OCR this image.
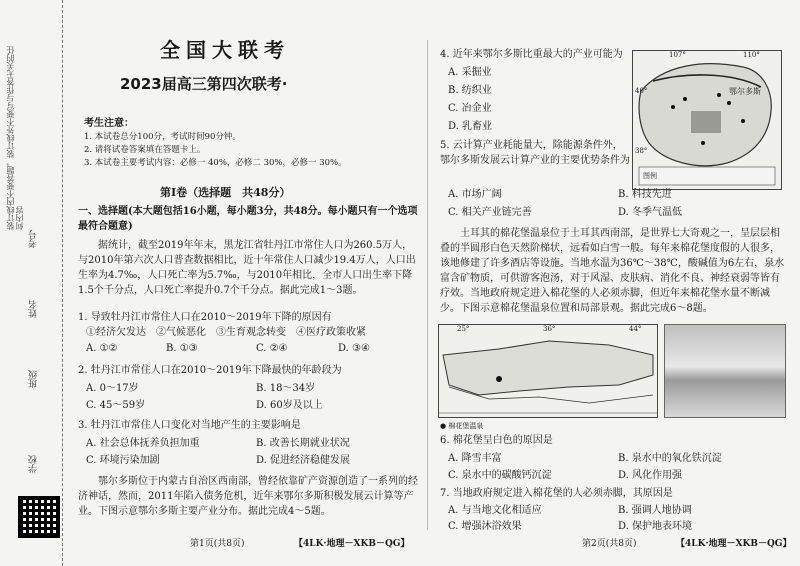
装订线内不要答题，装订线外不要写与作答无关的任何内容
考号
姓名
班级
学校
全国大联考
2023届高三第四次联考·
考生注意：
1. 本试卷总分100分，考试时间90分钟。
2. 请将试卷答案填在答题卡上。
3. 本试卷主要考试内容：必修一 40%，必修二 30%，必修一 30%。
第Ⅰ卷（选择题　共48分）
一、选择题(本大题包括16小题，每小题3分，共48分。每小题只有一个选项最符合题意)
据统计，截至2019年年末，黑龙江省牡丹江市常住人口为260.5万人，与2010年第六次人口普查数据相比，近十年常住人口减少19.4万人，人口出生率为4.7‰，人口死亡率为5.7‰，与2010年相比，全市人口出生率下降1.5个千分点，人口死亡率提升0.7个千分点。据此完成1～3题。
1. 导致牡丹江市常住人口在2010～2019年下降的原因有
①经济欠发达　②气候恶化　③生育观念转变　④医疗政策收紧
A. ①②	B. ①③	C. ②④	D. ③④
2. 牡丹江市常住人口在2010～2019年下降最快的年龄段为
A. 0～17岁	B. 18～34岁
C. 45～59岁	D. 60岁及以上
3. 牡丹江市常住人口变化对当地产生的主要影响是
A. 社会总体抚养负担加重	B. 改善长期就业状况
C. 环境污染加剧	D. 促进经济稳健发展
鄂尔多斯位于内蒙古自治区西南部，曾经依靠矿产资源创造了一系列的经济神话，然而，2011年陷入债务危机，近年来鄂尔多斯积极发展云计算等产业。下图示意鄂尔多斯主要产业分布。据此完成4～5题。
第1页(共8页)	【4LK·地理－XKB－QG】
4. 近年来鄂尔多斯比重最大的产业可能为
A. 采掘业
B. 纺织业
C. 冶金业
D. 乳畜业
107°	110°
40°
38°
鄂尔多斯
图例
5. 云计算产业耗能量大，除能源条件外，鄂尔多斯发展云计算产业的主要优势条件为
A. 市场广阔	B. 科技先进
C. 相关产业链完善	D. 冬季气温低
土耳其的棉花堡温泉位于土耳其西南部，是世界七大奇观之一，呈层层相叠的半圆形白色天然阶梯状，远看如白雪一般。每年来棉花堡度假的人很多，该地修建了许多酒店等设施。当地水温为36℃～38℃，酸碱值为6左右，泉水富含矿物质，可供游客泡汤，对于风湿、皮肤病、消化不良、神经衰弱等皆有疗效。当地政府规定进入棉花堡的人必须赤脚，但近年来棉花堡水量不断减少。下图示意棉花堡温泉位置和局部景观。据此完成6～8题。
25°	36°	44°
● 棉花堡温泉
6. 棉花堡呈白色的原因是
A. 降雪丰富	B. 泉水中的氧化铁沉淀
C. 泉水中的碳酸钙沉淀	D. 风化作用强
7. 当地政府规定进入棉花堡的人必须赤脚，其原因是
A. 与当地文化相适应	B. 强调人地协调
C. 增强沐浴效果	D. 保护地表环境
第2页(共8页)	【4LK·地理－XKB－QG】
